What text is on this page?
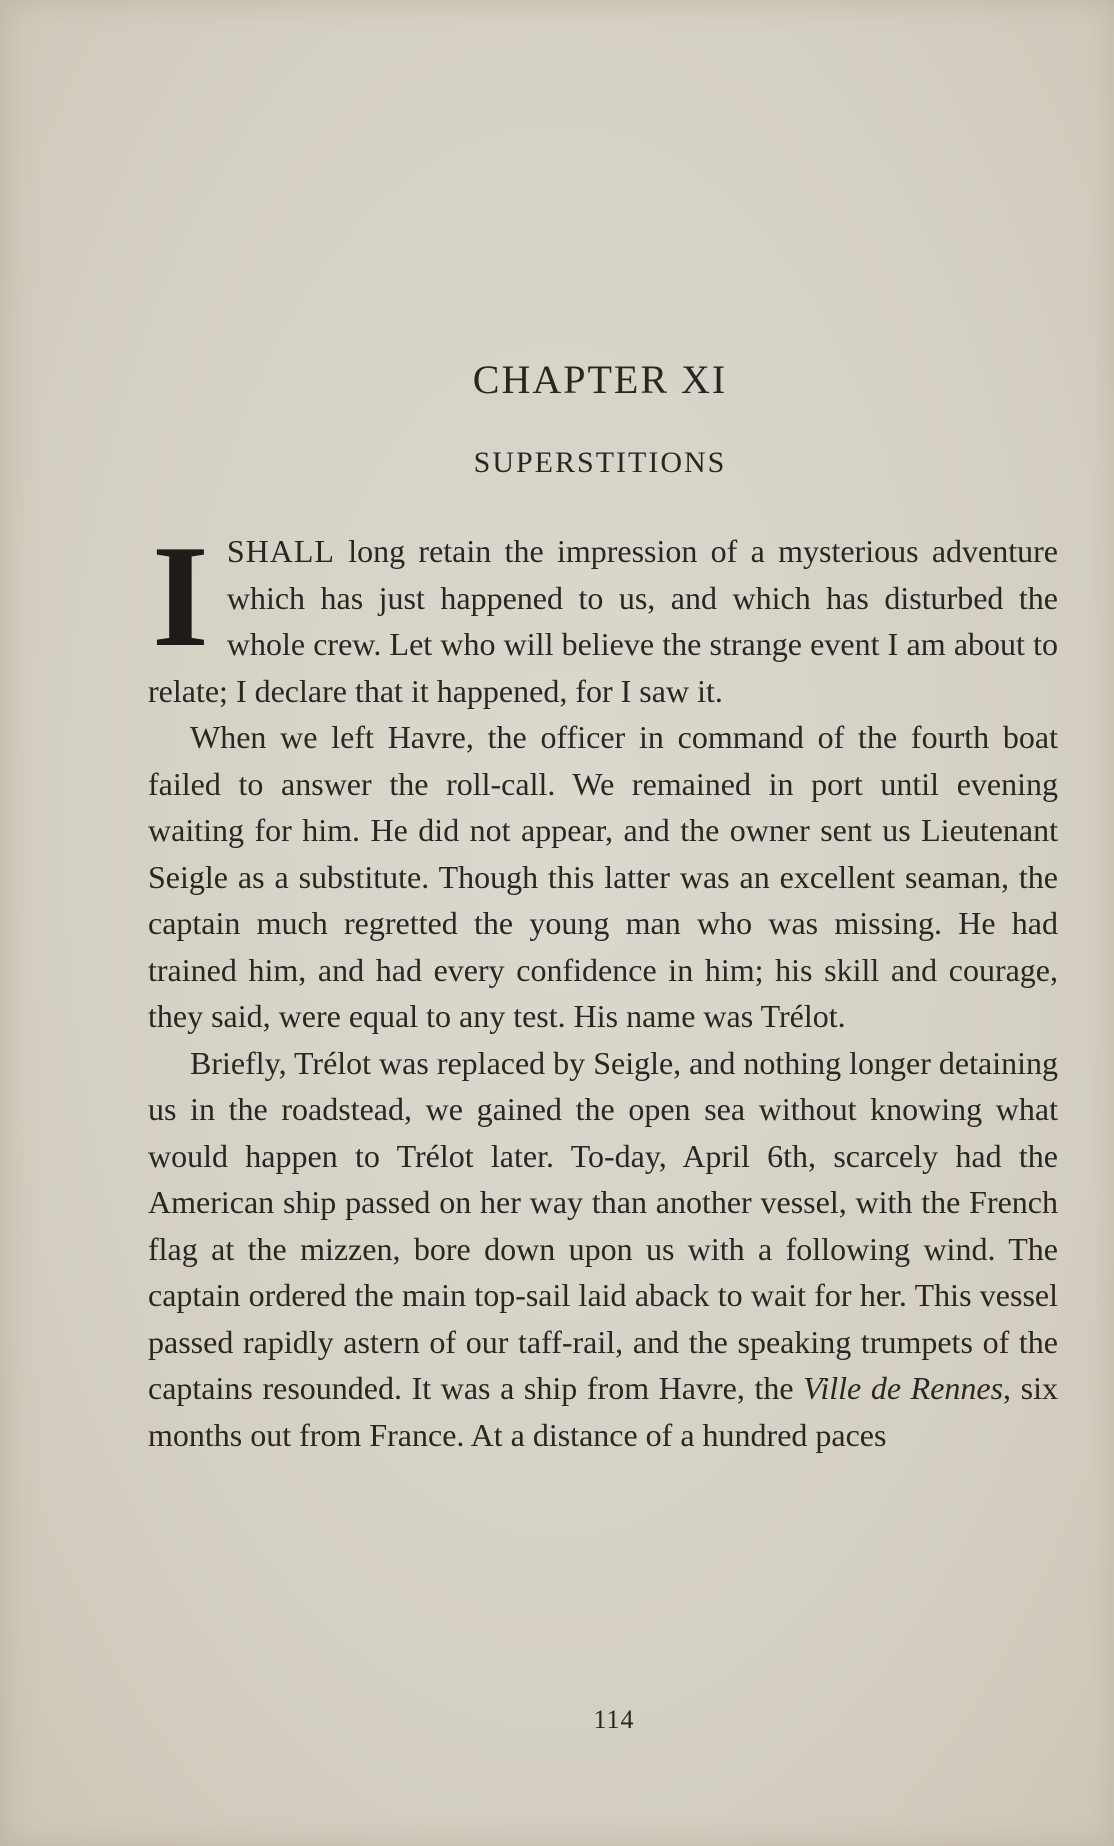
CHAPTER XI
SUPERSTITIONS

ISHALL long retain the impression of a mysterious adventure which has just happened to us, and which has disturbed the whole crew. Let who will believe the strange event I am about to relate; I declare that it happened, for I saw it.

When we left Havre, the officer in command of the fourth boat failed to answer the roll-call. We remained in port until evening waiting for him. He did not appear, and the owner sent us Lieutenant Seigle as a substitute. Though this latter was an excellent seaman, the captain much regretted the young man who was missing. He had trained him, and had every confidence in him; his skill and courage, they said, were equal to any test. His name was Trélot.

Briefly, Trélot was replaced by Seigle, and nothing longer detaining us in the roadstead, we gained the open sea without knowing what would happen to Trélot later. To-day, April 6th, scarcely had the American ship passed on her way than another vessel, with the French flag at the mizzen, bore down upon us with a following wind. The captain ordered the main top-sail laid aback to wait for her. This vessel passed rapidly astern of our taff-rail, and the speaking trumpets of the captains resounded. It was a ship from Havre, the Ville de Rennes, six months out from France. At a distance of a hundred paces

114
